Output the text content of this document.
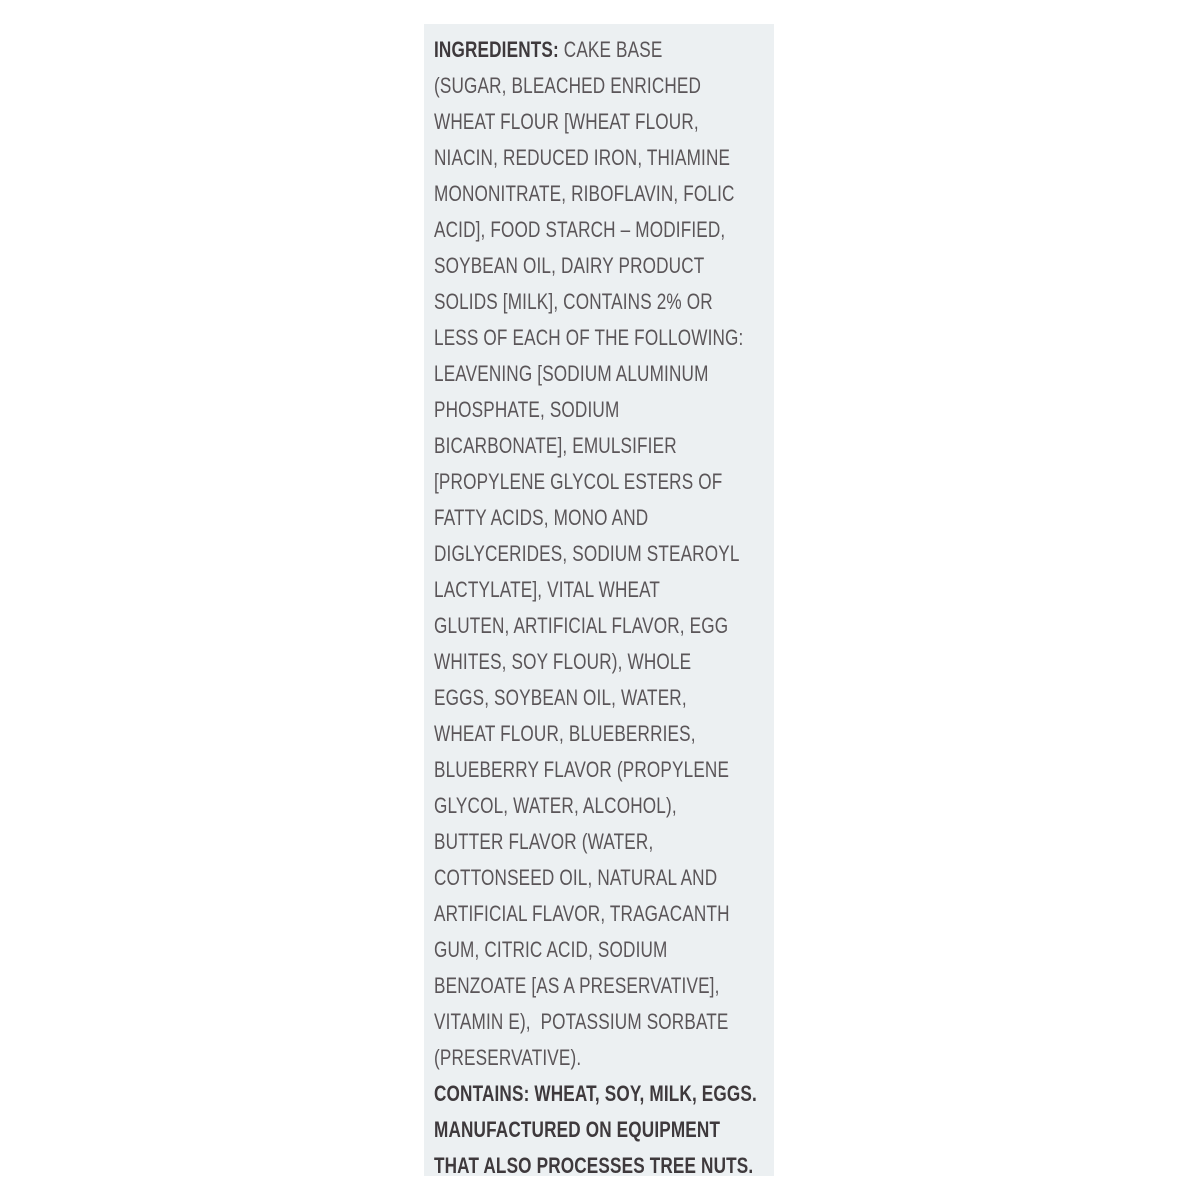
INGREDIENTS: CAKE BASE
(SUGAR, BLEACHED ENRICHED
WHEAT FLOUR [WHEAT FLOUR,
NIACIN, REDUCED IRON, THIAMINE
MONONITRATE, RIBOFLAVIN, FOLIC
ACID], FOOD STARCH – MODIFIED,
SOYBEAN OIL, DAIRY PRODUCT
SOLIDS [MILK], CONTAINS 2% OR
LESS OF EACH OF THE FOLLOWING:
LEAVENING [SODIUM ALUMINUM
PHOSPHATE, SODIUM
BICARBONATE], EMULSIFIER
[PROPYLENE GLYCOL ESTERS OF
FATTY ACIDS, MONO AND
DIGLYCERIDES, SODIUM STEAROYL
LACTYLATE], VITAL WHEAT
GLUTEN, ARTIFICIAL FLAVOR, EGG
WHITES, SOY FLOUR), WHOLE
EGGS, SOYBEAN OIL, WATER,
WHEAT FLOUR, BLUEBERRIES,
BLUEBERRY FLAVOR (PROPYLENE
GLYCOL, WATER, ALCOHOL),
BUTTER FLAVOR (WATER,
COTTONSEED OIL, NATURAL AND
ARTIFICIAL FLAVOR, TRAGACANTH
GUM, CITRIC ACID, SODIUM
BENZOATE [AS A PRESERVATIVE],
VITAMIN E),  POTASSIUM SORBATE
(PRESERVATIVE).
CONTAINS: WHEAT, SOY, MILK, EGGS.
MANUFACTURED ON EQUIPMENT
THAT ALSO PROCESSES TREE NUTS.
